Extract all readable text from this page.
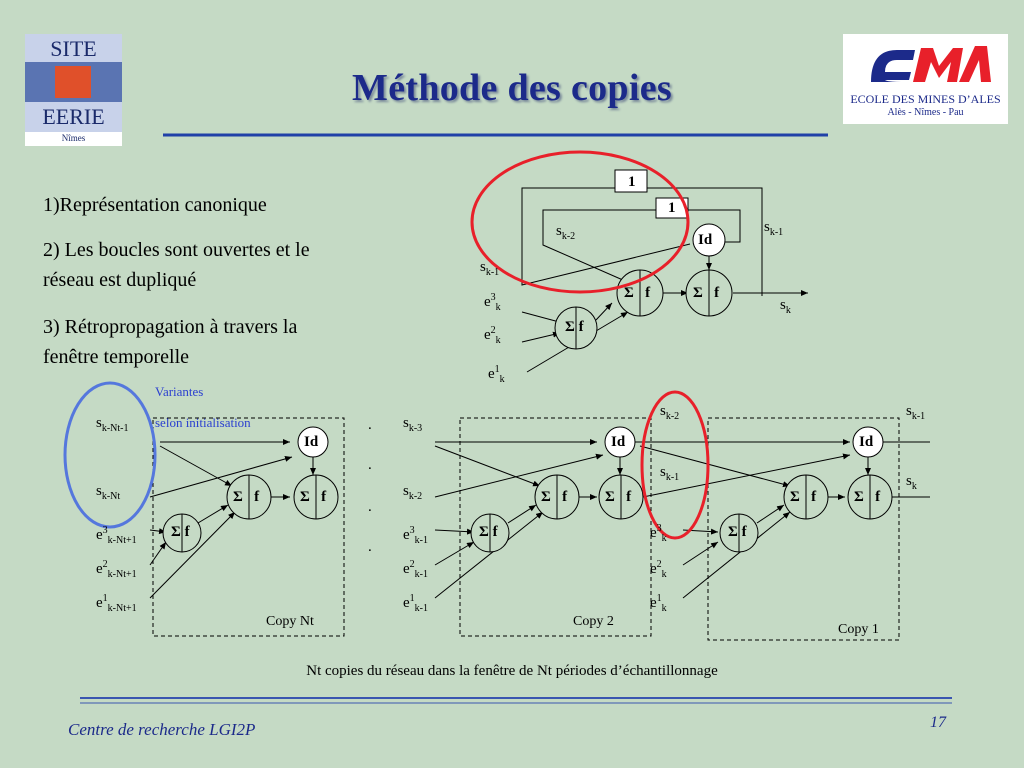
Méthode des copies
SITE
EERIE
Nîmes
ECOLE DES MINES D’ALES
Alès - Nîmes - Pau
1)Représentation canonique
2) Les boucles sont ouvertes et le
réseau est dupliqué
3) Rétropropagation à travers la
fenêtre temporelle
1
1
Id
$s_{k-2}$
$s_{k-1}$
$s_{k-1}$
$s_k$
$e^3_k$
$e^2_k$
$e^1_k$
Σ f
Σ f	Σ f
Variantes
selon initialisation
$s_{k-Nt-1}$
$s_{k-Nt}$
$e^3_{k-Nt+1}$
$e^2_{k-Nt+1}$
$e^1_{k-Nt+1}$
Id
Σ f
Σ f	Σ f
Copy Nt
.
.
.
.
$s_{k-3}$
$s_{k-2}$
$e^3_{k-1}$
$e^2_{k-1}$
$e^1_{k-1}$
Id
Σ f
Σ f	Σ f
Copy 2
$s_{k-2}$
$s_{k-1}$
$e^3_k$
$e^2_k$
$e^1_k$
Id
Σ f
Σ f	Σ f
$s_{k-1}$
$s_k$
Copy 1
Nt copies du réseau dans la fenêtre de Nt périodes d’échantillonnage
Centre de recherche LGI2P	17
